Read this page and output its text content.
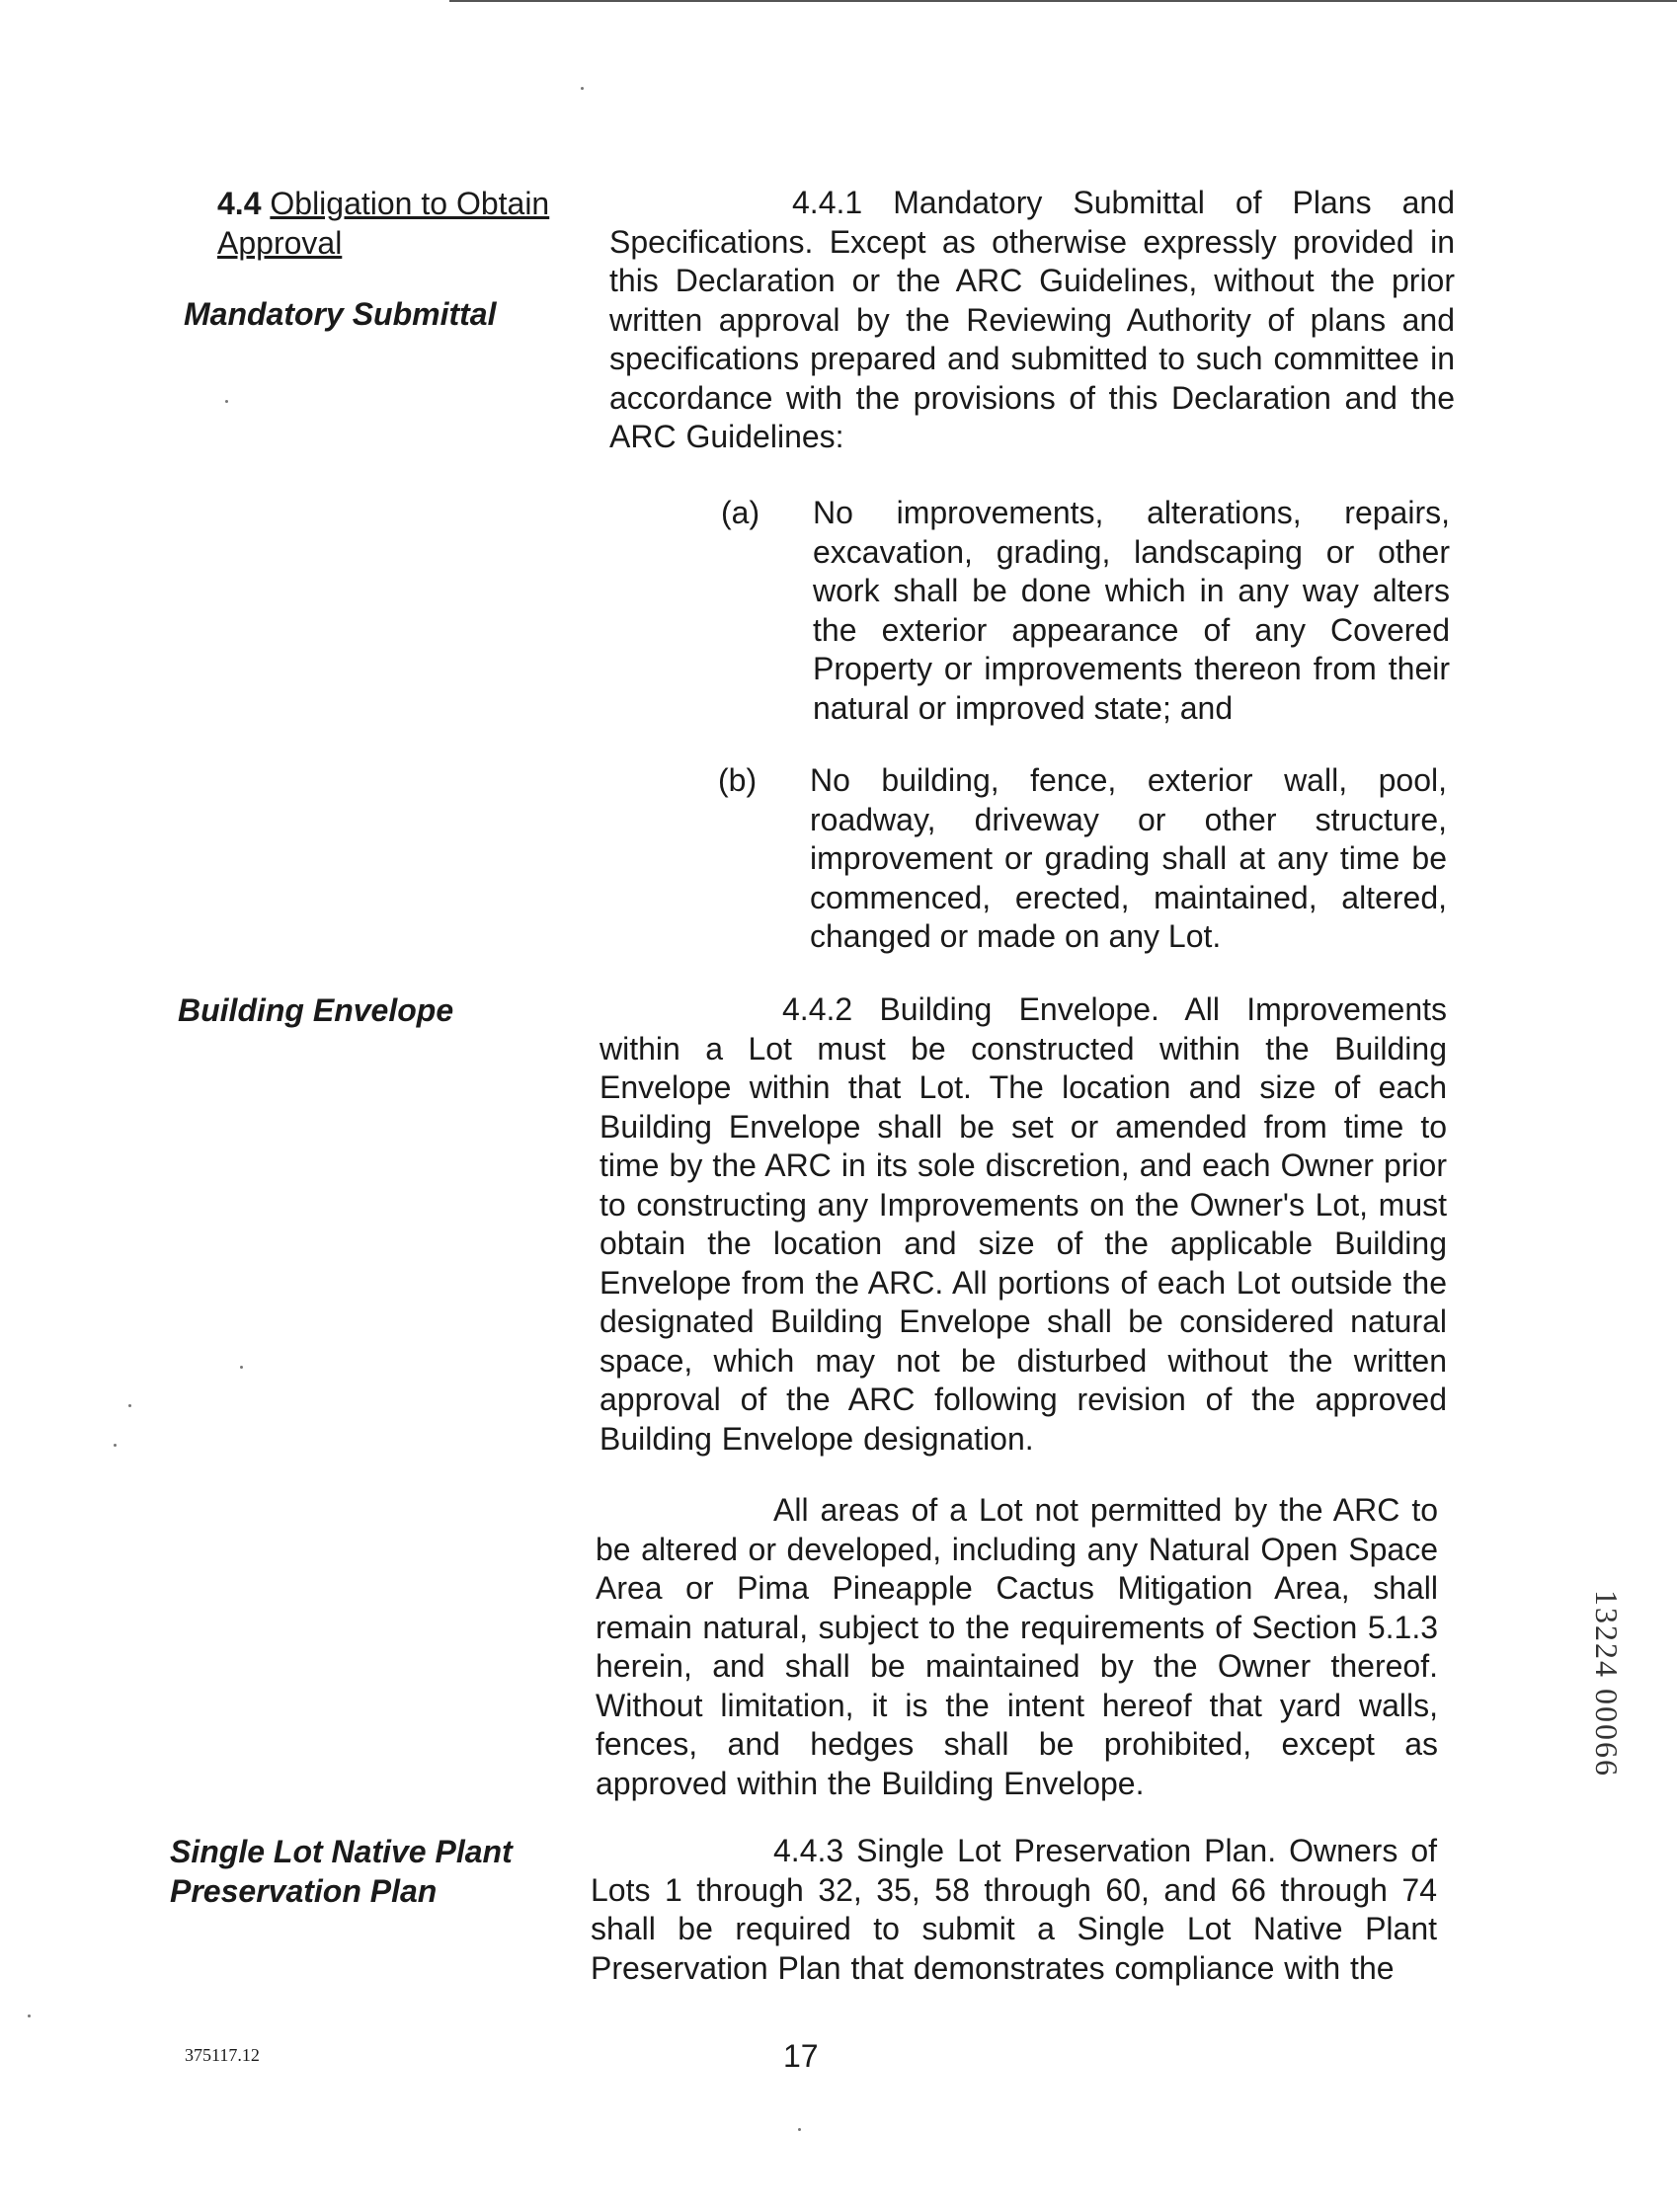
4.4 Obligation to Obtain
Approval
Mandatory Submittal
Building Envelope
Single Lot Native Plant
Preservation Plan
4.4.1 Mandatory Submittal of Plans and Specifications. Except as otherwise expressly provided in this Declaration or the ARC Guidelines, without the prior written approval by the Reviewing Authority of plans and specifications prepared and submitted to such committee in accordance with the provisions of this Declaration and the ARC Guidelines:
(a) No improvements, alterations, repairs, excavation, grading, landscaping or other work shall be done which in any way alters the exterior appearance of any Covered Property or improvements thereon from their natural or improved state; and
(b) No building, fence, exterior wall, pool, roadway, driveway or other structure, improvement or grading shall at any time be commenced, erected, maintained, altered, changed or made on any Lot.
4.4.2 Building Envelope. All Improvements within a Lot must be constructed within the Building Envelope within that Lot. The location and size of each Building Envelope shall be set or amended from time to time by the ARC in its sole discretion, and each Owner prior to constructing any Improvements on the Owner's Lot, must obtain the location and size of the applicable Building Envelope from the ARC. All portions of each Lot outside the designated Building Envelope shall be considered natural space, which may not be disturbed without the written approval of the ARC following revision of the approved Building Envelope designation.
All areas of a Lot not permitted by the ARC to be altered or developed, including any Natural Open Space Area or Pima Pineapple Cactus Mitigation Area, shall remain natural, subject to the requirements of Section 5.1.3 herein, and shall be maintained by the Owner thereof. Without limitation, it is the intent hereof that yard walls, fences, and hedges shall be prohibited, except as approved within the Building Envelope.
4.4.3 Single Lot Preservation Plan. Owners of Lots 1 through 32, 35, 58 through 60, and 66 through 74 shall be required to submit a Single Lot Native Plant Preservation Plan that demonstrates compliance with the
375117.12	17
13224 00066
